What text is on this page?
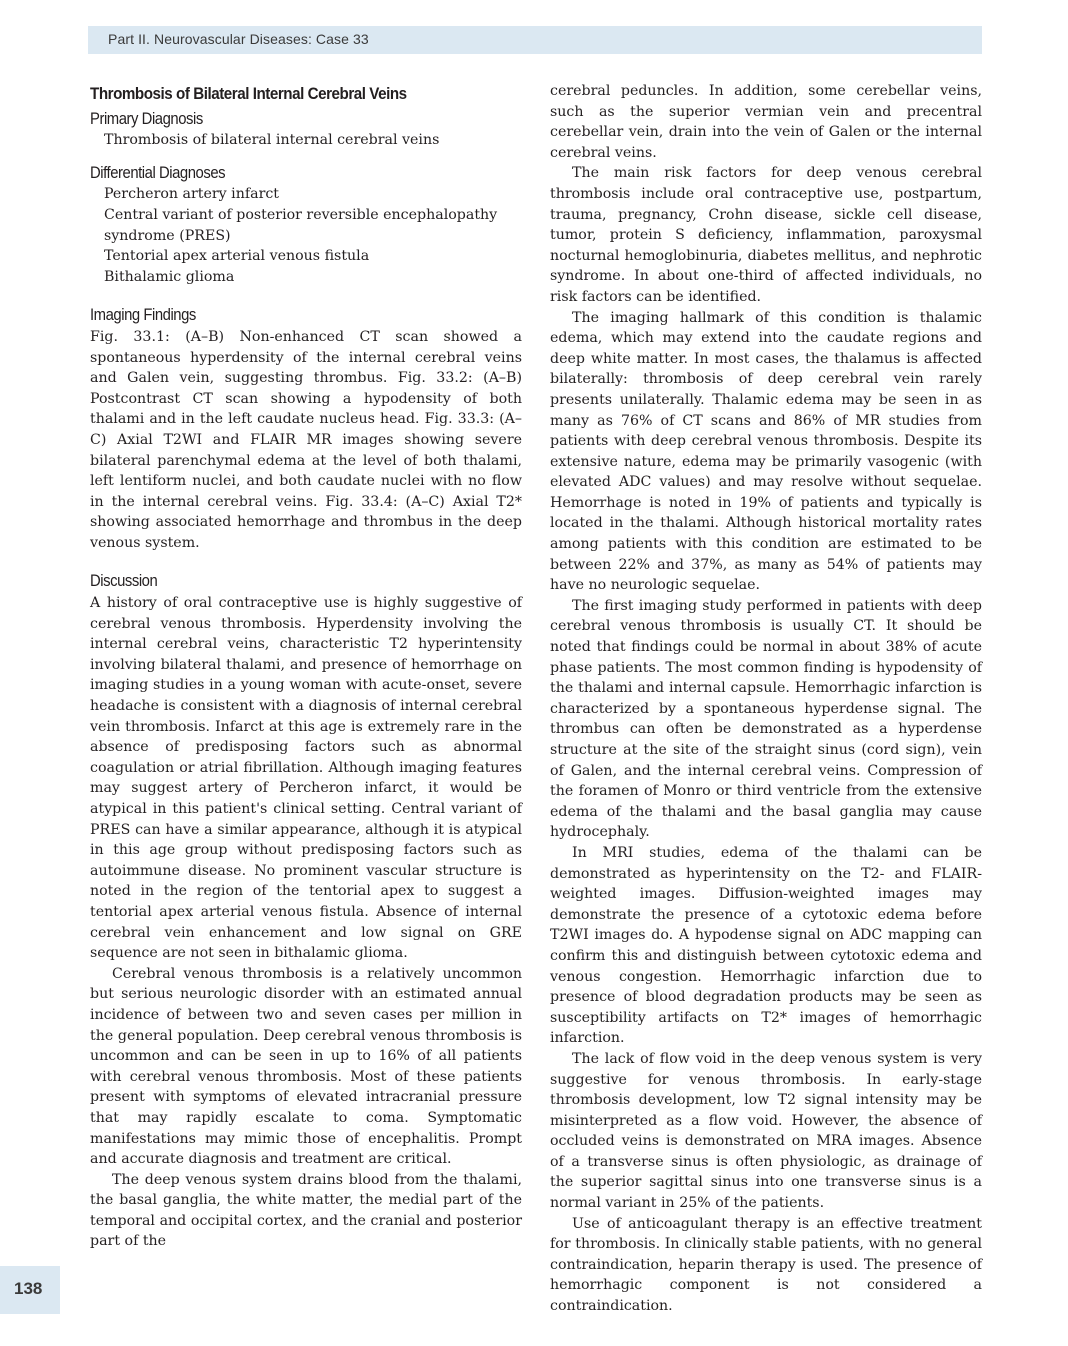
Part II. Neurovascular Diseases: Case 33
Thrombosis of Bilateral Internal Cerebral Veins
Primary Diagnosis
Thrombosis of bilateral internal cerebral veins
Differential Diagnoses
Percheron artery infarct
Central variant of posterior reversible encephalopathy syndrome (PRES)
Tentorial apex arterial venous fistula
Bithalamic glioma
Imaging Findings

Fig. 33.1: (A–B) Non-enhanced CT scan showed a spontaneous hyperdensity of the internal cerebral veins and Galen vein, suggesting thrombus. Fig. 33.2: (A–B) Postcontrast CT scan showing a hypodensity of both thalami and in the left caudate nucleus head. Fig. 33.3: (A–C) Axial T2WI and FLAIR MR images showing severe bilateral parenchymal edema at the level of both thalami, left lentiform nuclei, and both caudate nuclei with no flow in the internal cerebral veins. Fig. 33.4: (A–C) Axial T2* showing associated hemorrhage and thrombus in the deep venous system.

Discussion

A history of oral contraceptive use is highly suggestive of cerebral venous thrombosis. Hyperdensity involving the internal cerebral veins, characteristic T2 hyperintensity involving bilateral thalami, and presence of hemorrhage on imaging studies in a young woman with acute-onset, severe headache is consistent with a diagnosis of internal cerebral vein thrombosis. Infarct at this age is extremely rare in the absence of predisposing factors such as abnormal coagulation or atrial fibrillation. Although imaging features may suggest artery of Percheron infarct, it would be atypical in this patient's clinical setting. Central variant of PRES can have a similar appearance, although it is atypical in this age group without predisposing factors such as autoimmune disease. No prominent vascular structure is noted in the region of the tentorial apex to suggest a tentorial apex arterial venous fistula. Absence of internal cerebral vein enhancement and low signal on GRE sequence are not seen in bithalamic glioma.

Cerebral venous thrombosis is a relatively uncommon but serious neurologic disorder with an estimated annual incidence of between two and seven cases per million in the general population. Deep cerebral venous thrombosis is uncommon and can be seen in up to 16% of all patients with cerebral venous thrombosis. Most of these patients present with symptoms of elevated intracranial pressure that may rapidly escalate to coma. Symptomatic manifestations may mimic those of encephalitis. Prompt and accurate diagnosis and treatment are critical.

The deep venous system drains blood from the thalami, the basal ganglia, the white matter, the medial part of the temporal and occipital cortex, and the cranial and posterior part of the

cerebral peduncles. In addition, some cerebellar veins, such as the superior vermian vein and precentral cerebellar vein, drain into the vein of Galen or the internal cerebral veins.

The main risk factors for deep venous cerebral thrombosis include oral contraceptive use, postpartum, trauma, pregnancy, Crohn disease, sickle cell disease, tumor, protein S deficiency, inflammation, paroxysmal nocturnal hemoglobinuria, diabetes mellitus, and nephrotic syndrome. In about one-third of affected individuals, no risk factors can be identified.

The imaging hallmark of this condition is thalamic edema, which may extend into the caudate regions and deep white matter. In most cases, the thalamus is affected bilaterally: thrombosis of deep cerebral vein rarely presents unilaterally. Thalamic edema may be seen in as many as 76% of CT scans and 86% of MR studies from patients with deep cerebral venous thrombosis. Despite its extensive nature, edema may be primarily vasogenic (with elevated ADC values) and may resolve without sequelae. Hemorrhage is noted in 19% of patients and typically is located in the thalami. Although historical mortality rates among patients with this condition are estimated to be between 22% and 37%, as many as 54% of patients may have no neurologic sequelae.

The first imaging study performed in patients with deep cerebral venous thrombosis is usually CT. It should be noted that findings could be normal in about 38% of acute phase patients. The most common finding is hypodensity of the thalami and internal capsule. Hemorrhagic infarction is characterized by a spontaneous hyperdense signal. The thrombus can often be demonstrated as a hyperdense structure at the site of the straight sinus (cord sign), vein of Galen, and the internal cerebral veins. Compression of the foramen of Monro or third ventricle from the extensive edema of the thalami and the basal ganglia may cause hydrocephaly.

In MRI studies, edema of the thalami can be demonstrated as hyperintensity on the T2- and FLAIR-weighted images. Diffusion-weighted images may demonstrate the presence of a cytotoxic edema before T2WI images do. A hypodense signal on ADC mapping can confirm this and distinguish between cytotoxic edema and venous congestion. Hemorrhagic infarction due to presence of blood degradation products may be seen as susceptibility artifacts on T2* images of hemorrhagic infarction.

The lack of flow void in the deep venous system is very suggestive for venous thrombosis. In early-stage thrombosis development, low T2 signal intensity may be misinterpreted as a flow void. However, the absence of occluded veins is demonstrated on MRA images. Absence of a transverse sinus is often physiologic, as drainage of the superior sagittal sinus into one transverse sinus is a normal variant in 25% of the patients.

Use of anticoagulant therapy is an effective treatment for thrombosis. In clinically stable patients, with no general contraindication, heparin therapy is used. The presence of hemorrhagic component is not considered a contraindication.

138
